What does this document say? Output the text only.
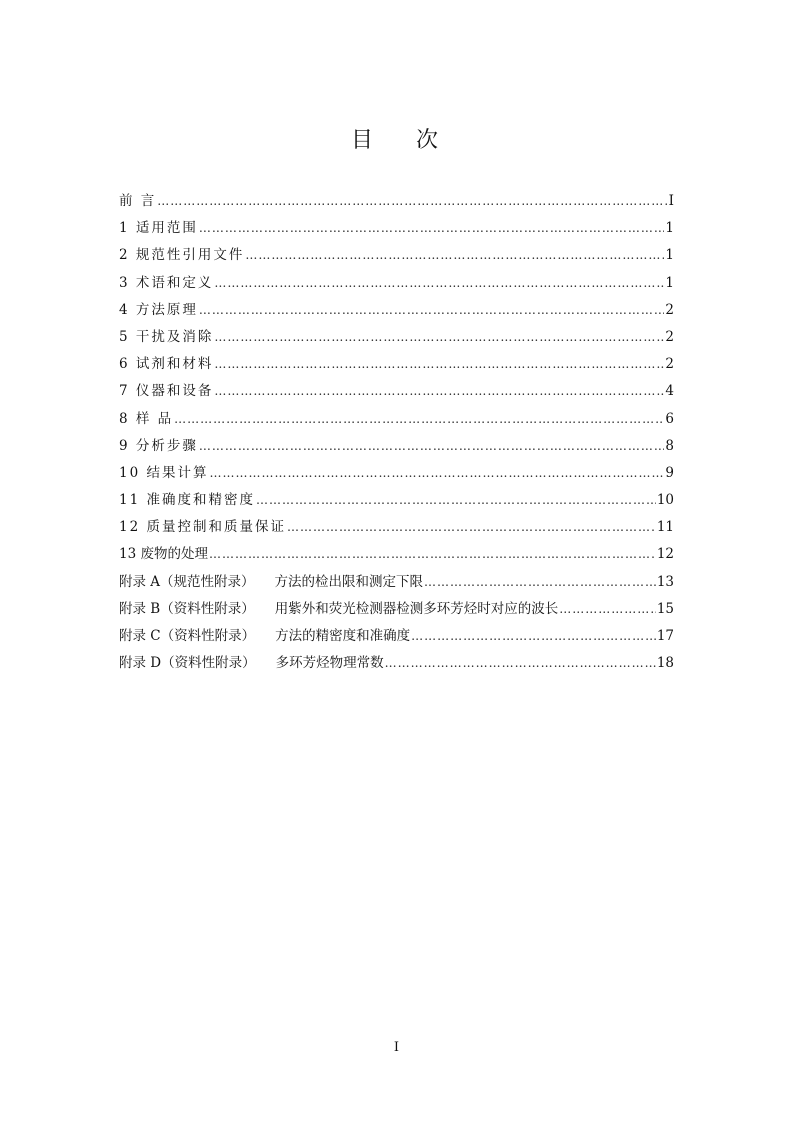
目 次
前 言 ……………………………………………………………………………………………………………………………………………………………………	I
1 适用范围 ……………………………………………………………………………………………………………………………………………………………………	1
2 规范性引用文件 ……………………………………………………………………………………………………………………………………………………………………	1
3 术语和定义 ……………………………………………………………………………………………………………………………………………………………………	1
4 方法原理 ……………………………………………………………………………………………………………………………………………………………………	2
5 干扰及消除 ……………………………………………………………………………………………………………………………………………………………………	2
6 试剂和材料 ……………………………………………………………………………………………………………………………………………………………………	2
7 仪器和设备 ……………………………………………………………………………………………………………………………………………………………………	4
8 样 品 ……………………………………………………………………………………………………………………………………………………………………	6
9 分析步骤 ……………………………………………………………………………………………………………………………………………………………………	8
10 结果计算 ……………………………………………………………………………………………………………………………………………………………………	9
11 准确度和精密度 ……………………………………………………………………………………………………………………………………………………………………	10
12 质量控制和质量保证 ……………………………………………………………………………………………………………………………………………………………………	11
13 废物的处理 ……………………………………………………………………………………………………………………………………………………………………	12
附录 A（规范性附录） 方法的检出限和测定下限 ……………………………………………………………………………………………………………………………………………………………………	13
附录 B（资料性附录） 用紫外和荧光检测器检测多环芳烃时对应的波长 ……………………………………………………………………………………………………………………………………………………………………	15
附录 C（资料性附录） 方法的精密度和准确度 ……………………………………………………………………………………………………………………………………………………………………	17
附录 D（资料性附录） 多环芳烃物理常数 ……………………………………………………………………………………………………………………………………………………………………	18
I
